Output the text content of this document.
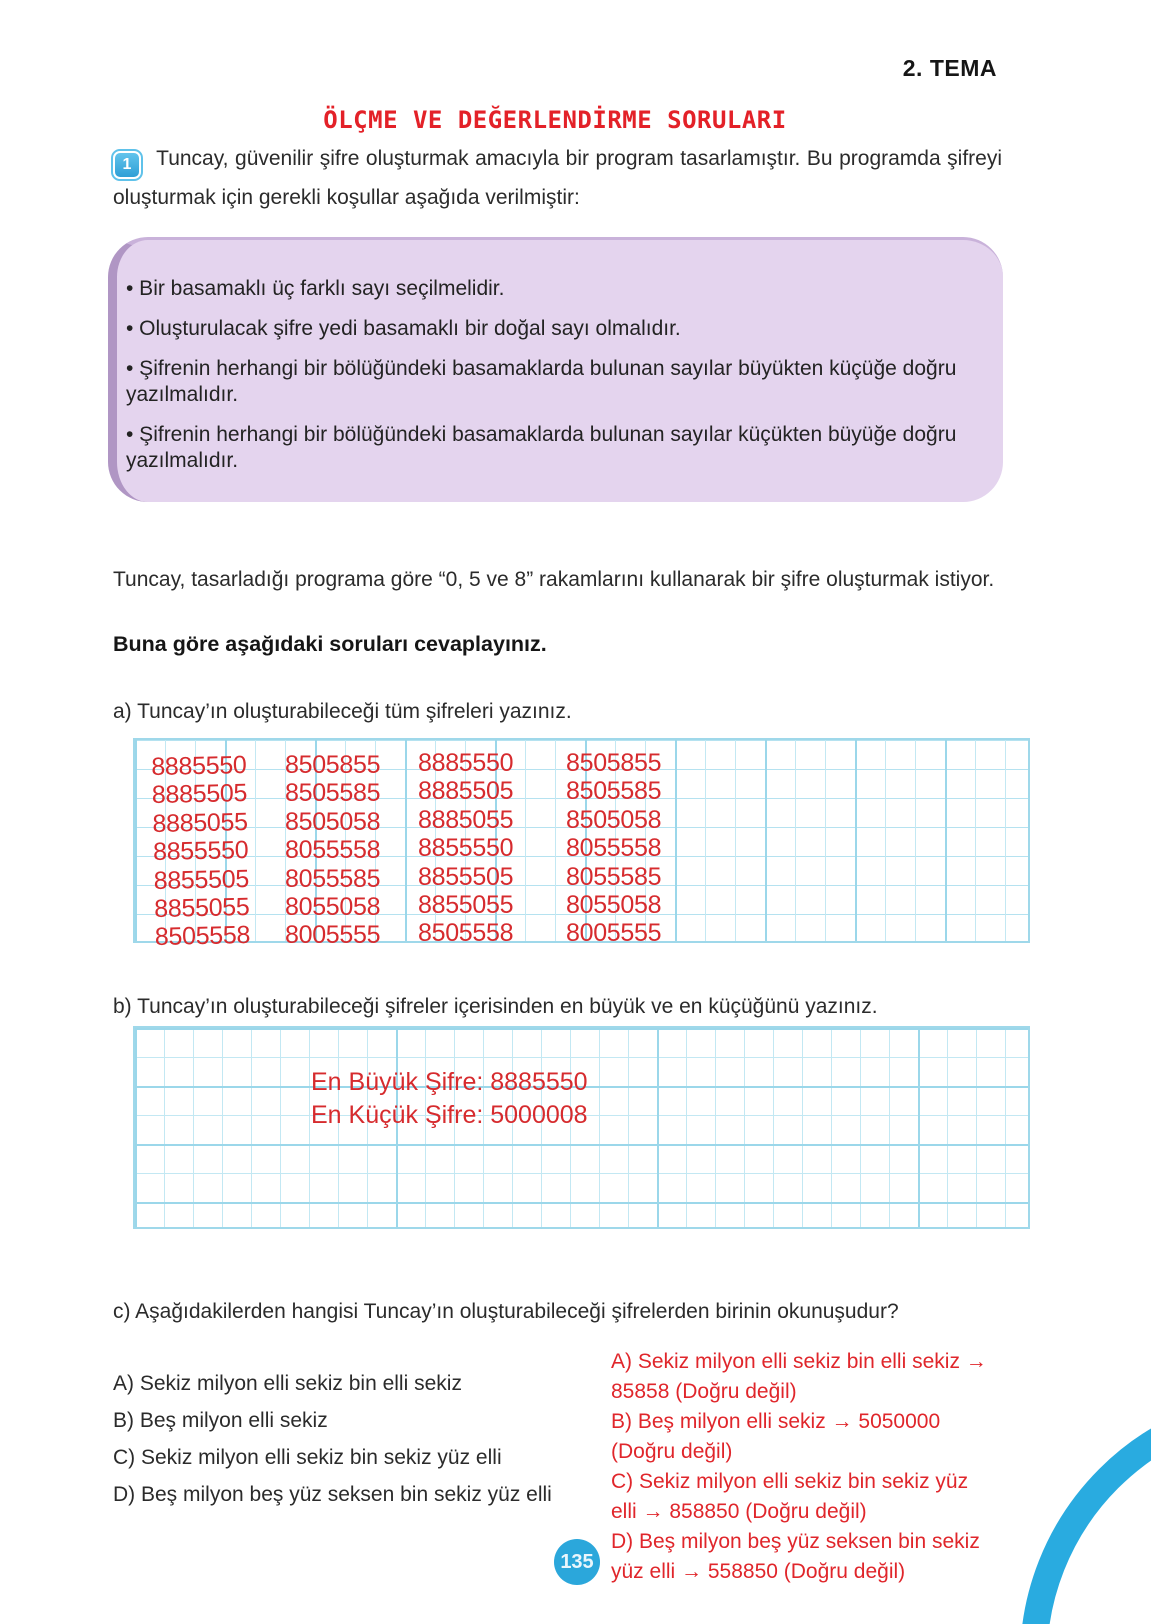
2. TEMA
ÖLÇME VE DEĞERLENDİRME SORULARI

1 Tuncay, güvenilir şifre oluşturmak amacıyla bir program tasarlamıştır. Bu programda şifreyi oluşturmak için gerekli koşullar aşağıda verilmiştir:

• Bir basamaklı üç farklı sayı seçilmelidir.

• Oluşturulacak şifre yedi basamaklı bir doğal sayı olmalıdır.

• Şifrenin herhangi bir bölüğündeki basamaklarda bulunan sayılar büyükten küçüğe doğru yazılmalıdır.

• Şifrenin herhangi bir bölüğündeki basamaklarda bulunan sayılar küçükten büyüğe doğru yazılmalıdır.

Tuncay, tasarladığı programa göre “0, 5 ve 8” rakamlarını kullanarak bir şifre oluşturmak istiyor.

Buna göre aşağıdaki soruları cevaplayınız.

a) Tuncay’ın oluşturabileceği tüm şifreleri yazınız.

8885550
8885505
8885055
8855550
8855505
8855055
8505558
8505855
8505585
8505058
8055558
8055585
8055058
8005555
8885550
8885505
8885055
8855550
8855505
8855055
8505558
8505855
8505585
8505058
8055558
8055585
8055058
8005555

b) Tuncay’ın oluşturabileceği şifreler içerisinden en büyük ve en küçüğünü yazınız.

En Büyük Şifre: 8885550
En Küçük Şifre: 5000008

c) Aşağıdakilerden hangisi Tuncay’ın oluşturabileceği şifrelerden birinin okunuşudur?

A) Sekiz milyon elli sekiz bin elli sekiz

B) Beş milyon elli sekiz

C) Sekiz milyon elli sekiz bin sekiz yüz elli

D) Beş milyon beş yüz seksen bin sekiz yüz elli

A) Sekiz milyon elli sekiz bin elli sekiz →
85858 (Doğru değil)
B) Beş milyon elli sekiz → 5050000
(Doğru değil)
C) Sekiz milyon elli sekiz bin sekiz yüz
elli → 858850 (Doğru değil)
D) Beş milyon beş yüz seksen bin sekiz
yüz elli → 558850 (Doğru değil)
135
